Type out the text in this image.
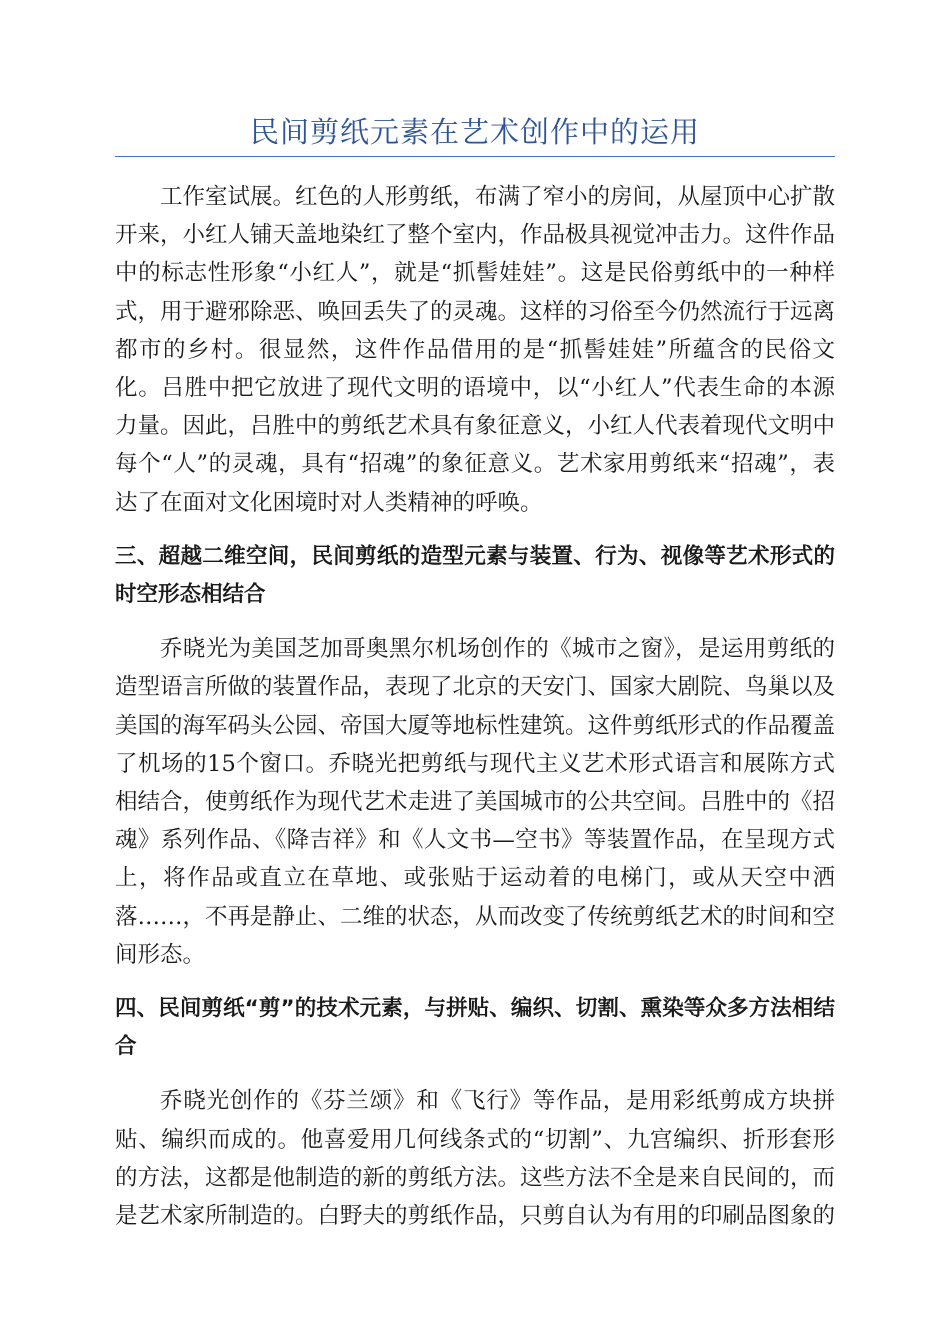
民间剪纸元素在艺术创作中的运用

工作室试展。红色的人形剪纸，布满了窄小的房间，从屋顶中心扩散开来，小红人铺天盖地染红了整个室内，作品极具视觉冲击力。这件作品中的标志性形象“小红人”，就是“抓髻娃娃”。这是民俗剪纸中的一种样式，用于避邪除恶、唤回丢失了的灵魂。这样的习俗至今仍然流行于远离都市的乡村。很显然，这件作品借用的是“抓髻娃娃”所蕴含的民俗文化。吕胜中把它放进了现代文明的语境中，以“小红人”代表生命的本源力量。因此，吕胜中的剪纸艺术具有象征意义，小红人代表着现代文明中每个“人”的灵魂，具有“招魂”的象征意义。艺术家用剪纸来“招魂”，表达了在面对文化困境时对人类精神的呼唤。

三、超越二维空间，民间剪纸的造型元素与装置、行为、视像等艺术形式的时空形态相结合

乔晓光为美国芝加哥奥黑尔机场创作的《城市之窗》，是运用剪纸的造型语言所做的装置作品，表现了北京的天安门、国家大剧院、鸟巢以及美国的海军码头公园、帝国大厦等地标性建筑。这件剪纸形式的作品覆盖了机场的15个窗口。乔晓光把剪纸与现代主义艺术形式语言和展陈方式相结合，使剪纸作为现代艺术走进了美国城市的公共空间。吕胜中的《招魂》系列作品、《降吉祥》和《人文书—空书》等装置作品，在呈现方式上，将作品或直立在草地、或张贴于运动着的电梯门，或从天空中洒落……，不再是静止、二维的状态，从而改变了传统剪纸艺术的时间和空间形态。

四、民间剪纸“剪”的技术元素，与拼贴、编织、切割、熏染等众多方法相结合

乔晓光创作的《芬兰颂》和《飞行》等作品，是用彩纸剪成方块拼贴、编织而成的。他喜爱用几何线条式的“切割”、九宫编织、折形套形的方法，这都是他制造的新的剪纸方法。这些方法不全是来自民间的，而是艺术家所制造的。白野夫的剪纸作品，只剪自认为有用的印刷品图象的
